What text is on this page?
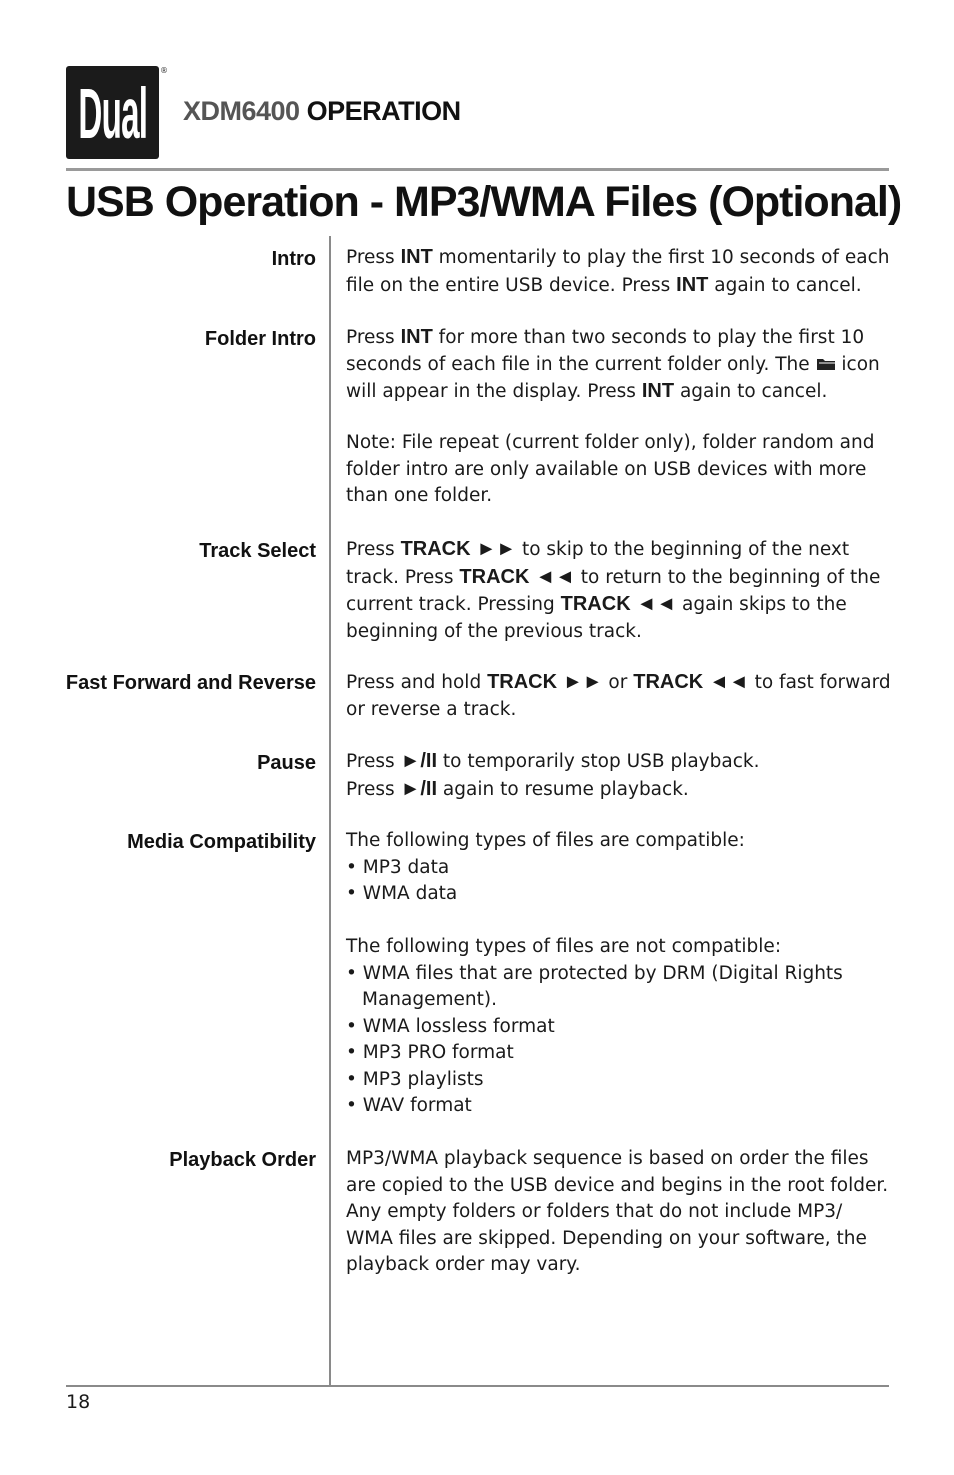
Dual
®
XDM6400 OPERATION
USB Operation - MP3/WMA Files (Optional)
Intro
Folder Intro
Track Select
Fast Forward and Reverse
Pause
Media Compatibility
Playback Order

Press INT momentarily to play the first 10 seconds of each file on the entire USB device. Press INT again to cancel.

Press INT for more than two seconds to play the first 10 seconds of each file in the current folder only. The  icon will appear in the display. Press INT again to cancel.

Note: File repeat (current folder only), folder random and folder intro are only available on USB devices with more than one folder.

Press TRACK ►► to skip to the beginning of the next track. Press TRACK ◄◄ to return to the beginning of the current track. Pressing TRACK ◄◄ again skips to the beginning of the previous track.

Press and hold TRACK ►► or TRACK ◄◄ to fast forward or reverse a track.

Press ►/II to temporarily stop USB playback.

Press ►/II again to resume playback.

The following types of files are compatible:

• MP3 data

• WMA data

The following types of files are not compatible:

• WMA files that are protected by DRM (Digital Rights Management).

• WMA lossless format

• MP3 PRO format

• MP3 playlists

• WAV format

MP3/WMA playback sequence is based on order the files are copied to the USB device and begins in the root folder. Any empty folders or folders that do not include MP3/ WMA files are skipped. Depending on your software, the playback order may vary.
18
